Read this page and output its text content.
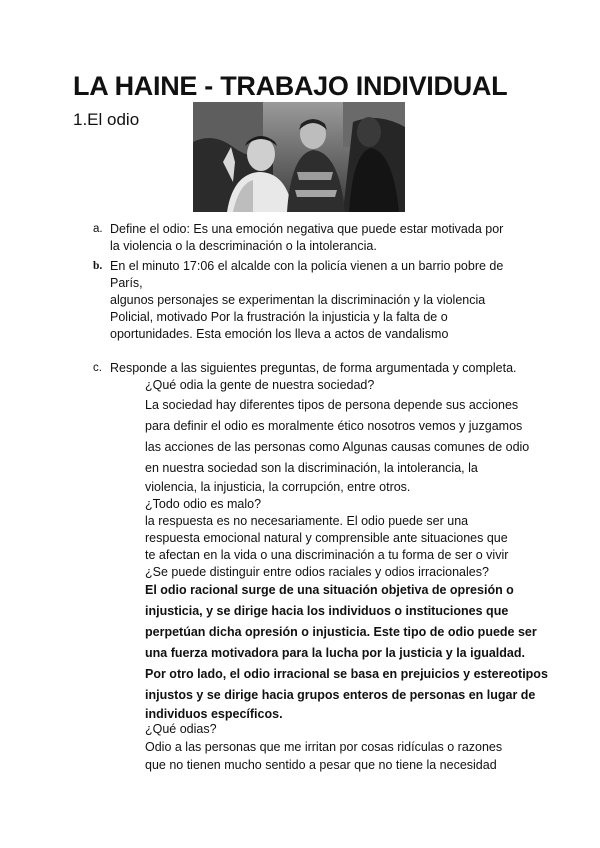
LA HAINE - TRABAJO INDIVIDUAL
1.El odio
a. Define el odio: Es una emoción negativa que puede estar motivada por
la violencia o la descriminación o la intolerancia.
b. En el minuto 17:06 el alcalde con la policía vienen a un barrio pobre de
París,
algunos personajes se experimentan la discriminación y la violencia
Policial, motivado Por la frustración la injusticia y la falta de o
oportunidades. Esta emoción los lleva a actos de vandalismo
c. Responde a las siguientes preguntas, de forma argumentada y completa.
¿Qué odia la gente de nuestra sociedad?
La sociedad hay diferentes tipos de persona depende sus acciones
para definir el odio es moralmente ético nosotros vemos y juzgamos
las acciones de las personas como Algunas causas comunes de odio
en nuestra sociedad son la discriminación, la intolerancia, la
violencia, la injusticia, la corrupción, entre otros.
¿Todo odio es malo?
la respuesta es no necesariamente. El odio puede ser una
respuesta emocional natural y comprensible ante situaciones que
te afectan en la vida o una discriminación a tu forma de ser o vivir
¿Se puede distinguir entre odios raciales y odios irracionales?
El odio racional surge de una situación objetiva de opresión o
injusticia, y se dirige hacia los individuos o instituciones que
perpetúan dicha opresión o injusticia. Este tipo de odio puede ser
una fuerza motivadora para la lucha por la justicia y la igualdad.
Por otro lado, el odio irracional se basa en prejuicios y estereotipos
injustos y se dirige hacia grupos enteros de personas en lugar de
individuos específicos.
¿Qué odias?
Odio a las personas que me irritan por cosas ridículas o razones
que no tienen mucho sentido a pesar que no tiene la necesidad
